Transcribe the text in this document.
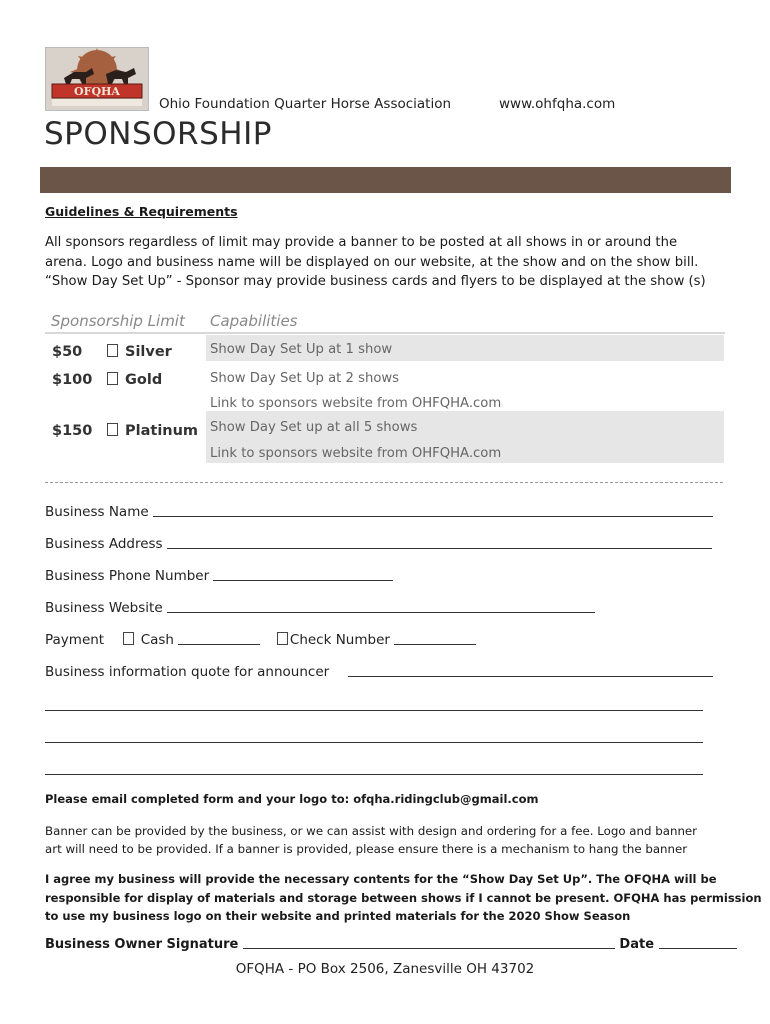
OFQHA
Ohio Foundation Quarter Horse Association	www.ohfqha.com
SPONSORSHIP
Guidelines & Requirements
All sponsors regardless of limit may provide a banner to be posted at all shows in or around the
arena. Logo and business name will be displayed on our website, at the show and on the show bill.
“Show Day Set Up” - Sponsor may provide business cards and flyers to be displayed at the show (s)
Sponsorship Limit Capabilities
$50	Silver	Show Day Set Up at 1 show
$100	Gold	Show Day Set Up at 2 shows
Link to sponsors website from OHFQHA.com
$150	Platinum Show Day Set up at all 5 shows
Link to sponsors website from OHFQHA.com
Business Name
Business Address
Business Phone Number
Business Website
Payment	Cash	Check Number
Business information quote for announcer
Please email completed form and your logo to: ofqha.ridingclub@gmail.com
Banner can be provided by the business, or we can assist with design and ordering for a fee. Logo and banner
art will need to be provided. If a banner is provided, please ensure there is a mechanism to hang the banner
I agree my business will provide the necessary contents for the “Show Day Set Up”. The OFQHA will be
responsible for display of materials and storage between shows if I cannot be present. OFQHA has permission
to use my business logo on their website and printed materials for the 2020 Show Season
Business Owner Signature	Date
OFQHA - PO Box 2506, Zanesville OH 43702
